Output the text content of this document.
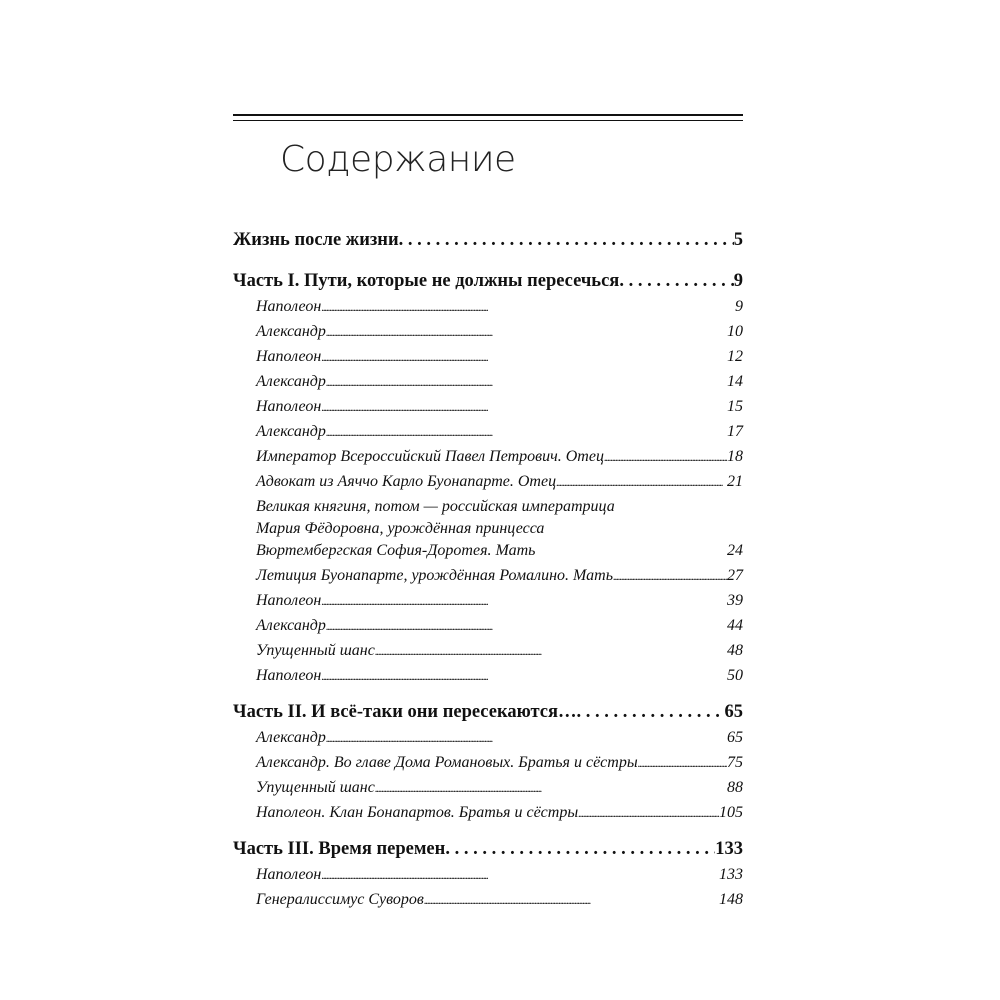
Содержание
Жизнь после жизни . . .	5
Часть I. Пути, которые не должны пересечься . . .	9
Наполеон . . .	9
Александр . . .	10
Наполеон . . .	12
Александр . . .	14
Наполеон . . .	15
Александр . . .	17
Император Всероссийский Павел Петрович. Отец . . .	18
Адвокат из Аяччо Карло Буонапарте. Отец . . .	21
Великая княгиня, потом — российская императрица
Мария Фёдоровна, урождённая принцесса
Вюртембергская София-Доротея. Мать	24
Летиция Буонапарте, урождённая Ромалино. Мать . . .	27
Наполеон . . .	39
Александр . . .	44
Упущенный шанс . . .	48
Наполеон . . .	50
Часть II. И всё-таки они пересекаются… . . .	65
Александр . . .	65
Александр. Во главе Дома Романовых. Братья и сёстры . . .	75
Упущенный шанс . . .	88
Наполеон. Клан Бонапартов. Братья и сёстры . . .	105
Часть III. Время перемен . . .	133
Наполеон . . .	133
Генералиссимус Суворов . . .	148
